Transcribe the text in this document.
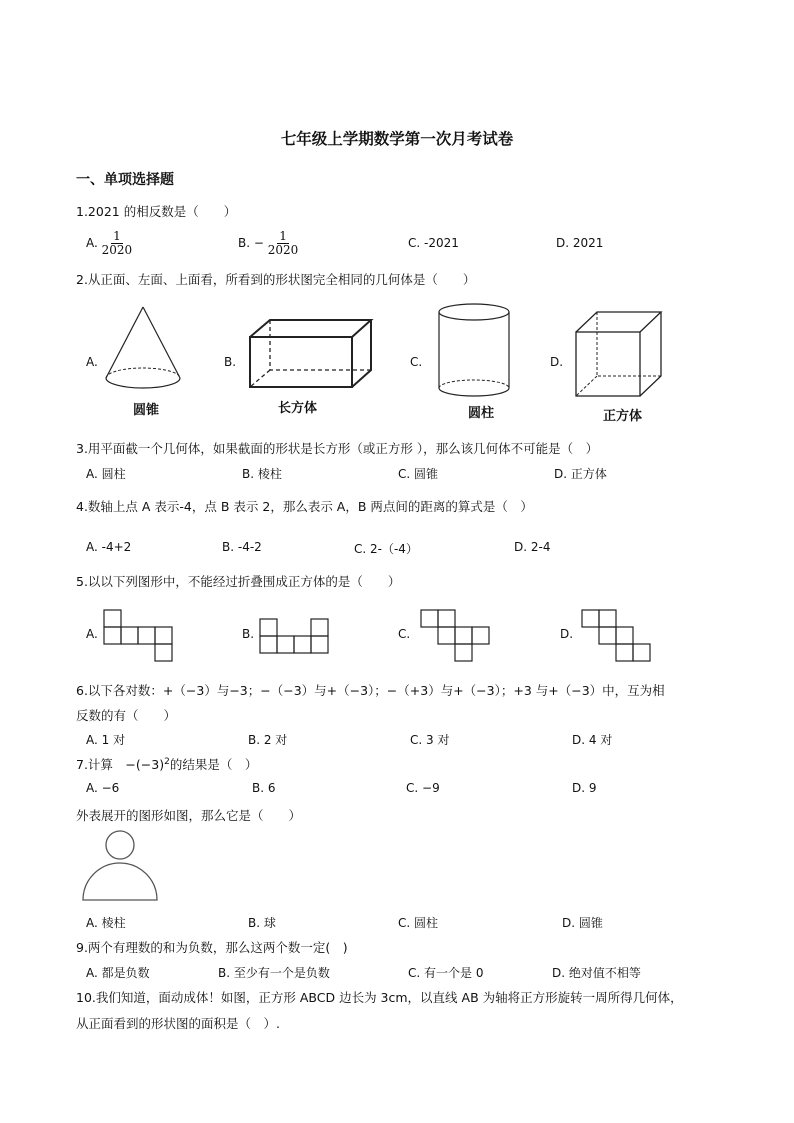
七年级上学期数学第一次月考试卷
一、单项选择题
1.2021 的相反数是（　　）
A. $\frac{1}{2020}$	B. − $\frac{1}{2020}$	C. -2021	D. 2021
2.从正面、左面、上面看，所看到的形状图完全相同的几何体是（　　）
A.	B.	C.	D.
圆锥	长方体	圆柱	正方体
3.用平面截一个几何体，如果截面的形状是长方形（或正方形 ），那么该几何体不可能是（　）
A. 圆柱	B. 棱柱	C. 圆锥	D. 正方体
4.数轴上点 A 表示-4，点 B 表示 2，那么表示 A，B 两点间的距离的算式是（　）
A. -4+2	B. -4-2	C. 2-（-4）	D. 2-4
5.以以下列图形中，不能经过折叠围成正方体的是（　　）
A.	B.	C.	D.
6.以下各对数：+（−3）与−3；−（−3）与+（−3）；−（+3）与+（−3）；+3 与+（−3）中，互为相
反数的有（　　）
A. 1 对	B. 2 对	C. 3 对	D. 4 对
7.计算　$-(-3)^2$的结果是（　）
A. −6	B. 6	C. −9	D. 9
外表展开的图形如图，那么它是（　　）
A. 棱柱	B. 球	C. 圆柱	D. 圆锥
9.两个有理数的和为负数，那么这两个数一定(　)
A. 都是负数	B. 至少有一个是负数	C. 有一个是 0	D. 绝对值不相等
10.我们知道，面动成体！如图，正方形 ABCD 边长为 3cm，以直线 AB 为轴将正方形旋转一周所得几何体，
从正面看到的形状图的面积是（　）.
